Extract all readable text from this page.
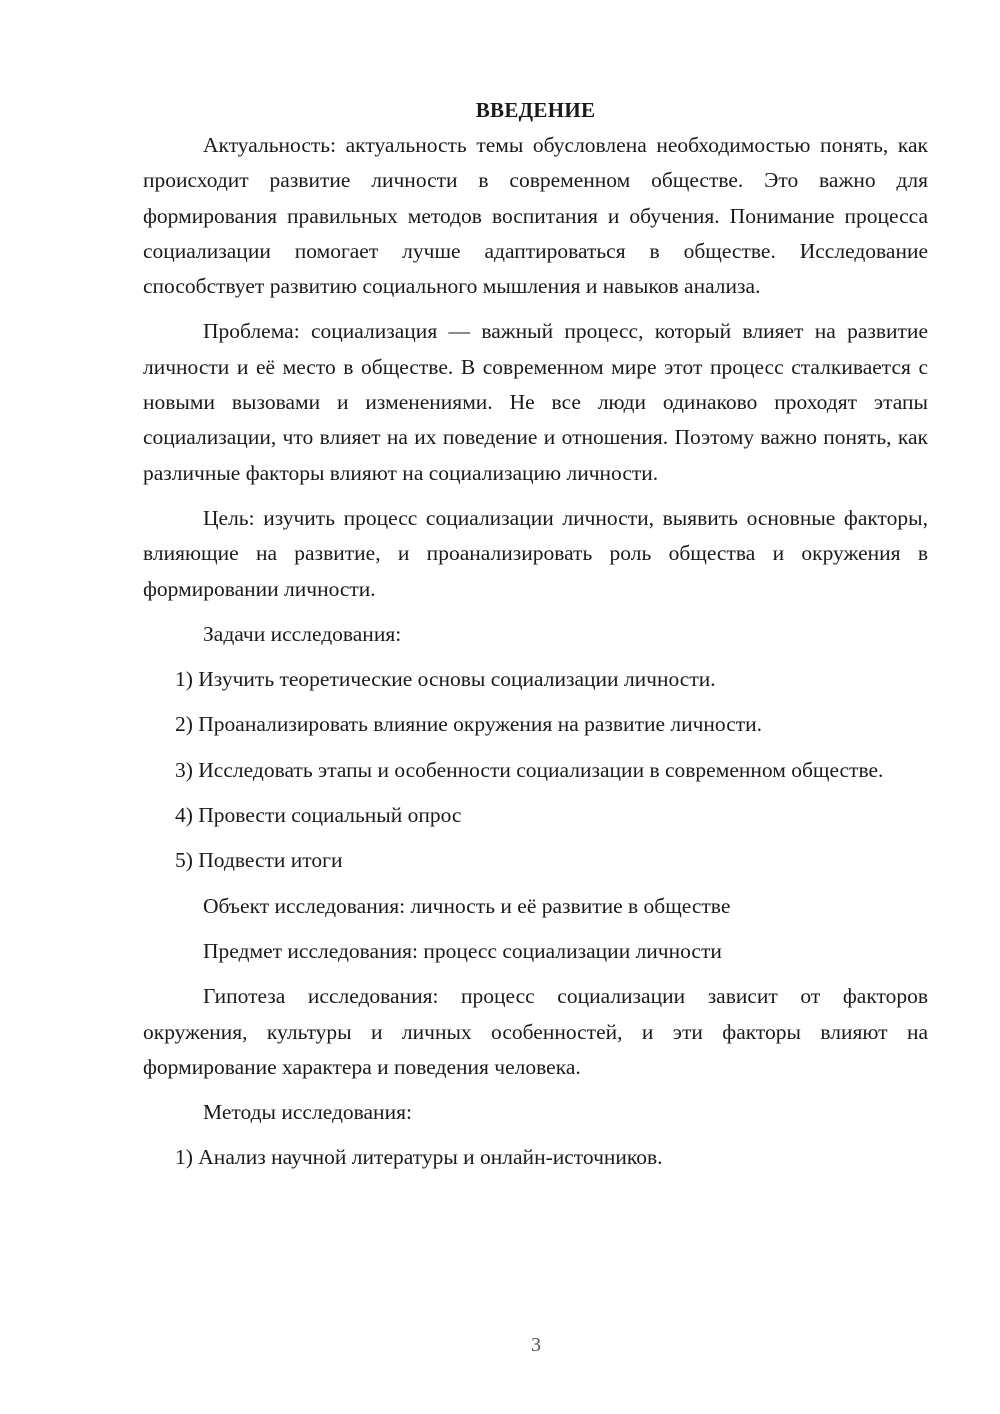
ВВЕДЕНИЕ

Актуальность: актуальность темы обусловлена необходимостью понять, как происходит развитие личности в современном обществе. Это важно для формирования правильных методов воспитания и обучения. Понимание процесса социализации помогает лучше адаптироваться в обществе. Исследование способствует развитию социального мышления и навыков анализа.

Проблема: социализация — важный процесс, который влияет на развитие личности и её место в обществе. В современном мире этот процесс сталкивается с новыми вызовами и изменениями. Не все люди одинаково проходят этапы социализации, что влияет на их поведение и отношения. Поэтому важно понять, как различные факторы влияют на социализацию личности.

Цель: изучить процесс социализации личности, выявить основные факторы, влияющие на развитие, и проанализировать роль общества и окружения в формировании личности.

Задачи исследования:

1) Изучить теоретические основы социализации личности.

2) Проанализировать влияние окружения на развитие личности.

3) Исследовать этапы и особенности социализации в современном обществе.

4) Провести социальный опрос

5) Подвести итоги

Объект исследования: личность и её развитие в обществе

Предмет исследования: процесс социализации личности

Гипотеза исследования: процесс социализации зависит от факторов окружения, культуры и личных особенностей, и эти факторы влияют на формирование характера и поведения человека.

Методы исследования:

1) Анализ научной литературы и онлайн-источников.

3
